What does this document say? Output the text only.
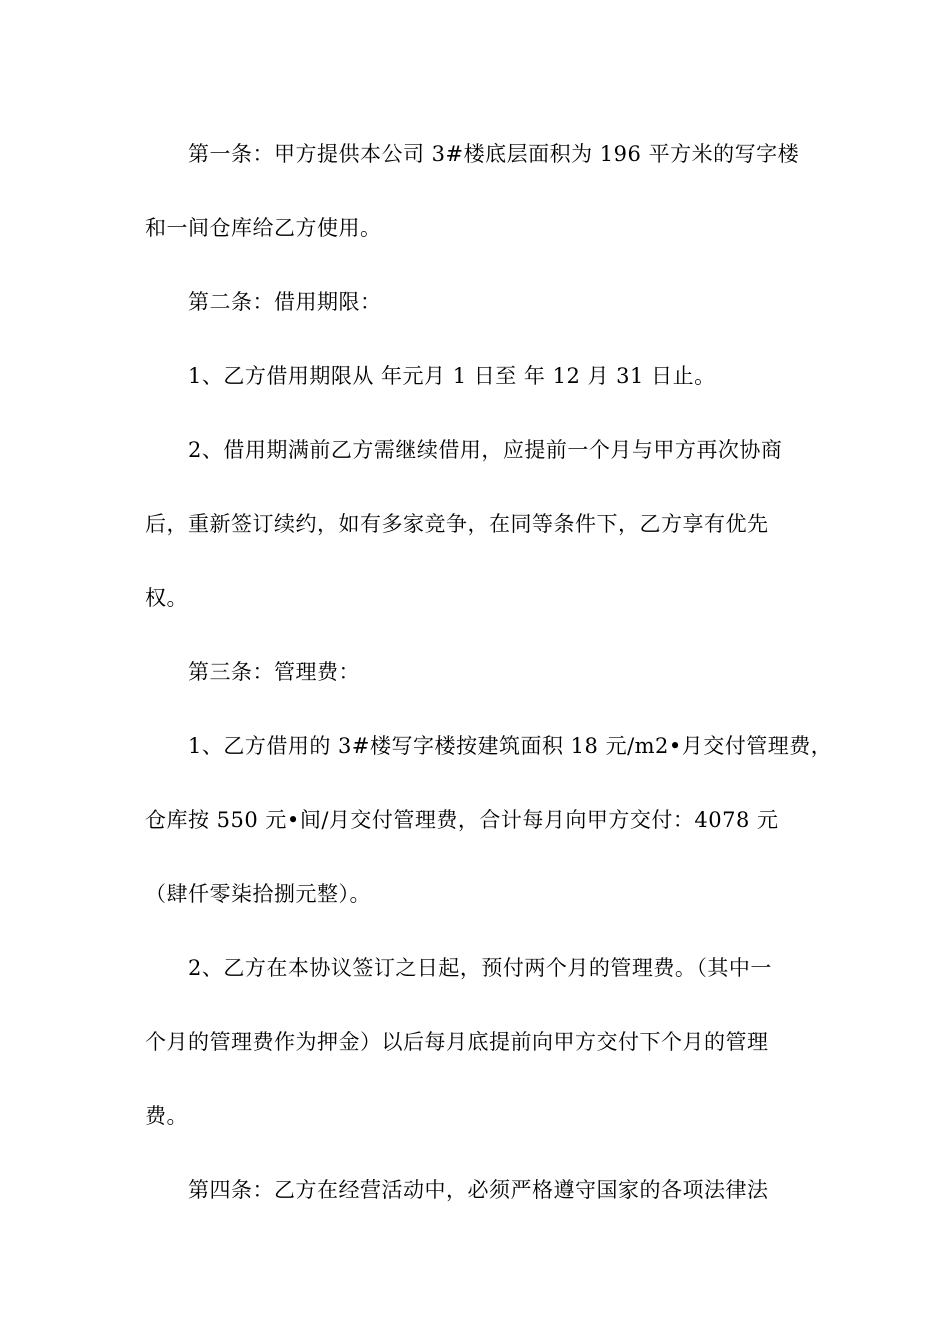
第一条：甲方提供本公司 3#楼底层面积为 196 平方米的写字楼
和一间仓库给乙方使用。
第二条：借用期限：
1、乙方借用期限从 年元月 1 日至 年 12 月 31 日止。
2、借用期满前乙方需继续借用，应提前一个月与甲方再次协商
后，重新签订续约，如有多家竞争，在同等条件下，乙方享有优先
权。
第三条：管理费：
1、乙方借用的 3#楼写字楼按建筑面积 18 元/m2•月交付管理费，
仓库按 550 元•间/月交付管理费，合计每月向甲方交付：4078 元
（肆仟零柒拾捌元整）。
2、乙方在本协议签订之日起，预付两个月的管理费。（其中一
个月的管理费作为押金）以后每月底提前向甲方交付下个月的管理
费。
第四条：乙方在经营活动中，必须严格遵守国家的各项法律法
